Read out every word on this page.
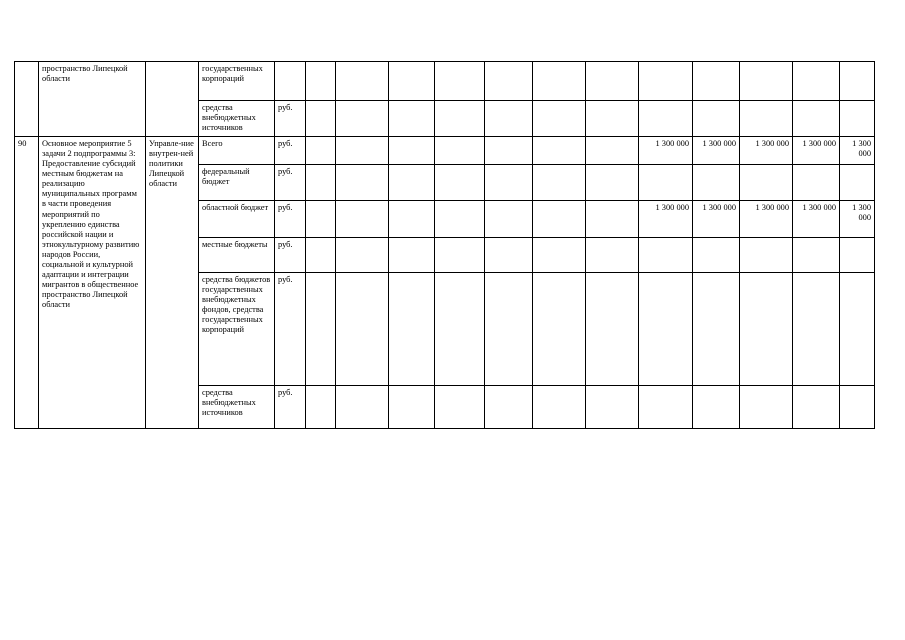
	пространство Липецкой области		государственных корпораций													
			средства внебюджетных источников	руб.												
90	Основное мероприятие 5 задачи 2 подпрограммы 3: Предоставление субсидий местным бюджетам на реализацию муниципальных программ в части проведения мероприятий по укреплению единства российской нации и этнокультурному развитию народов России, социальной и культурной адаптации и интеграции мигрантов в общественное пространство Липецкой области	Управле-ние внутрен-ней политики Липецкой области	Всего	руб.								1 300 000	1 300 000	1 300 000	1 300 000	1 300 000
			федеральный бюджет	руб.												
			областной бюджет	руб.								1 300 000	1 300 000	1 300 000	1 300 000	1 300 000
			местные бюджеты	руб.												
			средства бюджетов государственных внебюджетных фондов, средства государственных корпораций	руб.												
			средства внебюджетных источников	руб.												
